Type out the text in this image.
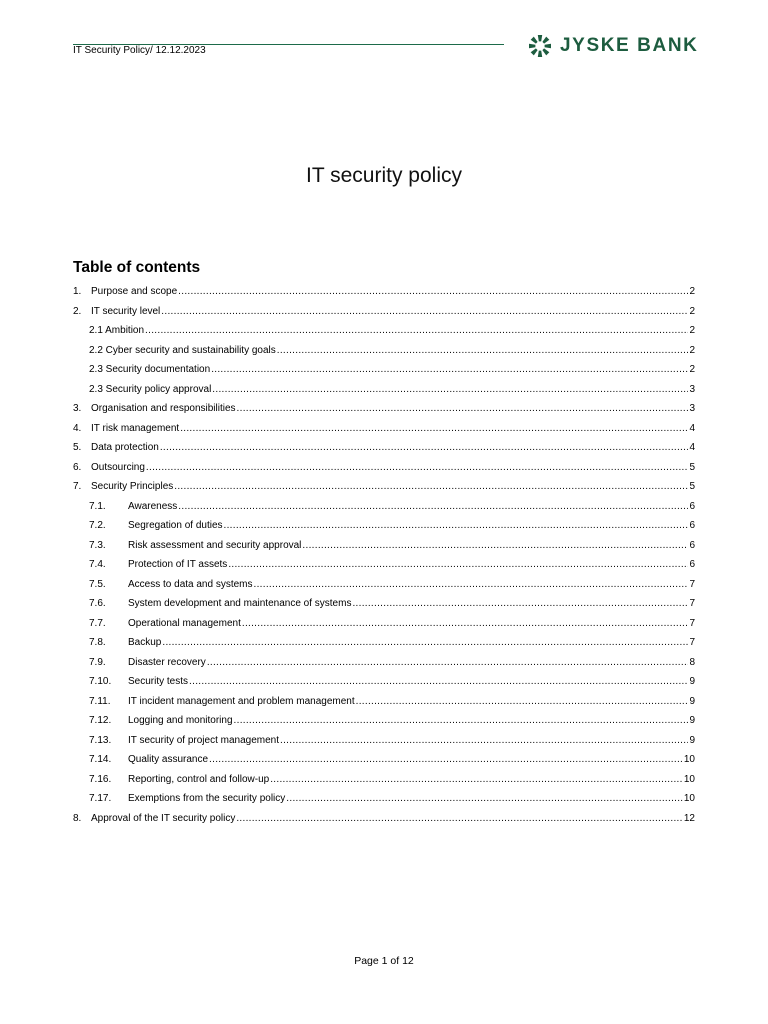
IT Security Policy/ 12.12.2023	JYSKE BANK
IT security policy
Table of contents
1. Purpose and scope .....	2
2. IT security level .....	2
2.1 Ambition .....	2
2.2 Cyber security and sustainability goals .....	2
2.3 Security documentation .....	2
2.3 Security policy approval .....	3
3. Organisation and responsibilities .....	3
4. IT risk management .....	4
5. Data protection .....	4
6. Outsourcing .....	5
7. Security Principles .....	5
7.1.	Awareness .....	6
7.2.	Segregation of duties .....	6
7.3.	Risk assessment and security approval .....	6
7.4.	Protection of IT assets .....	6
7.5.	Access to data and systems .....	7
7.6.	System development and maintenance of systems .....	7
7.7.	Operational management .....	7
7.8.	Backup .....	7
7.9.	Disaster recovery .....	8
7.10.	Security tests .....	9
7.11.	IT incident management and problem management .....	9
7.12.	Logging and monitoring .....	9
7.13.	IT security of project management .....	9
7.14.	Quality assurance .....	10
7.16.	Reporting, control and follow-up .....	10
7.17.	Exemptions from the security policy .....	10
8. Approval of the IT security policy .....	12
Page 1 of 12
